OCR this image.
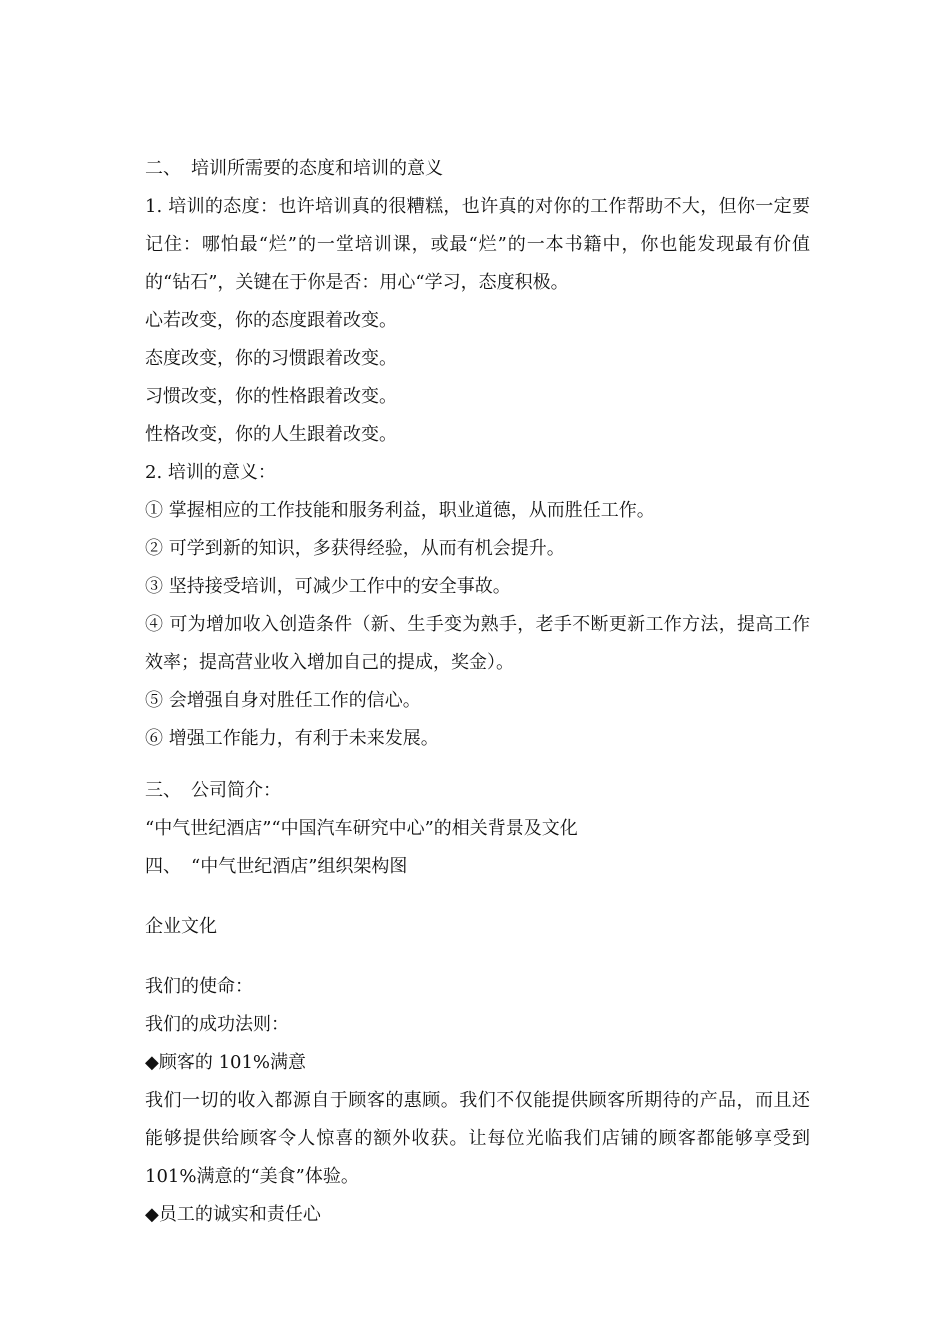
二、 培训所需要的态度和培训的意义
1. 培训的态度：也许培训真的很糟糕，也许真的对你的工作帮助不大，但你一定要记住：哪怕最“烂”的一堂培训课，或最“烂”的一本书籍中，你也能发现最有价值的“钻石”，关键在于你是否：用心“学习，态度积极。
心若改变，你的态度跟着改变。
态度改变，你的习惯跟着改变。
习惯改变，你的性格跟着改变。
性格改变，你的人生跟着改变。
2. 培训的意义：
① 掌握相应的工作技能和服务利益，职业道德，从而胜任工作。
② 可学到新的知识，多获得经验，从而有机会提升。
③ 坚持接受培训，可减少工作中的安全事故。
④ 可为增加收入创造条件（新、生手变为熟手，老手不断更新工作方法，提高工作效率；提高营业收入增加自己的提成，奖金）。
⑤ 会增强自身对胜任工作的信心。
⑥ 增强工作能力，有利于未来发展。
三、 公司简介：
“中气世纪酒店”“中国汽车研究中心”的相关背景及文化
四、 “中气世纪酒店”组织架构图
企业文化
我们的使命：
我们的成功法则：
◆顾客的 101%满意
我们一切的收入都源自于顾客的惠顾。我们不仅能提供顾客所期待的产品，而且还能够提供给顾客令人惊喜的额外收获。让每位光临我们店铺的顾客都能够享受到 101%满意的“美食”体验。
◆员工的诚实和责任心
